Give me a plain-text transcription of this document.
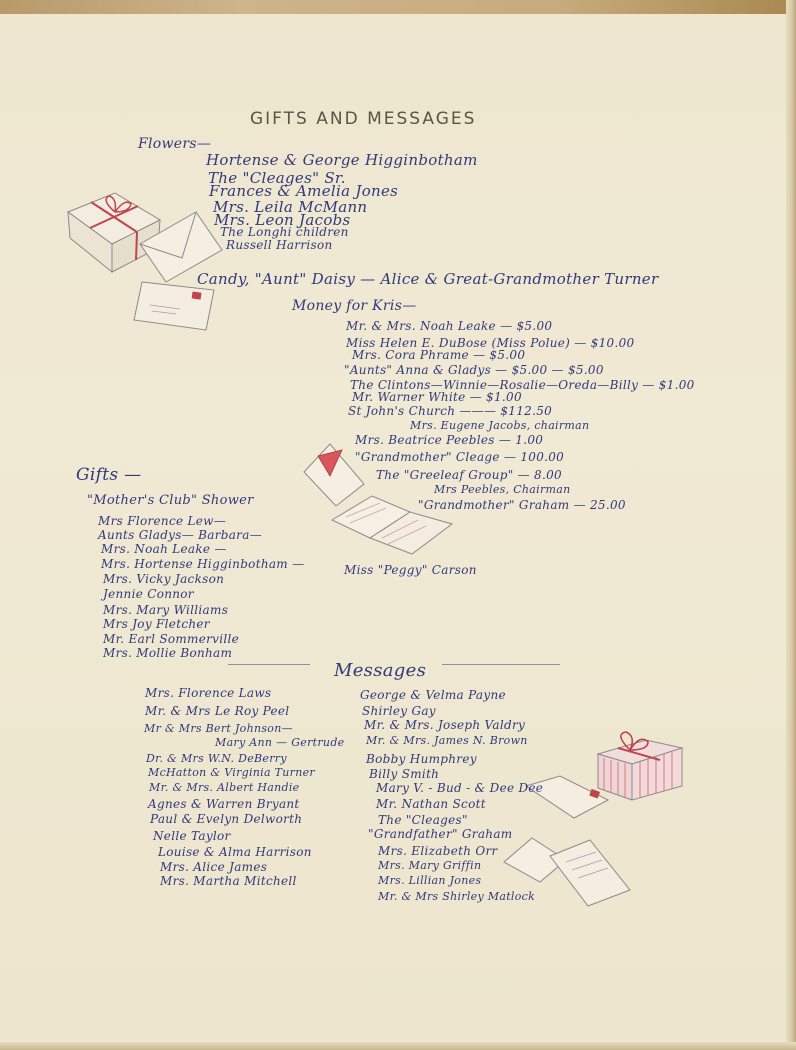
GIFTS AND MESSAGES
Flowers—
Hortense & George Higginbotham
The "Cleages" Sr.
Frances & Amelia Jones
Mrs. Leila McMann
Mrs. Leon Jacobs
The Longhi children
Russell Harrison
Candy, "Aunt" Daisy — Alice & Great-Grandmother Turner
Money for Kris—
Mr. & Mrs. Noah Leake — $5.00
Miss Helen E. DuBose (Miss Polue) — $10.00
Mrs. Cora Phrame — $5.00
"Aunts" Anna & Gladys — $5.00 — $5.00
The Clintons—Winnie—Rosalie—Oreda—Billy — $1.00
Mr. Warner White — $1.00
St John's Church ——— $112.50
Mrs. Eugene Jacobs, chairman
Mrs. Beatrice Peebles — 1.00
"Grandmother" Cleage — 100.00
The "Greeleaf Group" — 8.00
Mrs Peebles, Chairman
"Grandmother" Graham — 25.00
Gifts —
"Mother's Club" Shower
Mrs Florence Lew—
Aunts Gladys— Barbara—
Mrs. Noah Leake —
Mrs. Hortense Higginbotham —
Mrs. Vicky Jackson
Jennie Connor
Mrs. Mary Williams
Mrs Joy Fletcher
Mr. Earl Sommerville
Mrs. Mollie Bonham
Miss "Peggy" Carson
Messages
Mrs. Florence Laws
Mr. & Mrs Le Roy Peel
Mr & Mrs Bert Johnson—
Mary Ann — Gertrude
Dr. & Mrs W.N. DeBerry
McHatton & Virginia Turner
Mr. & Mrs. Albert Handie
Agnes & Warren Bryant
Paul & Evelyn Delworth
Nelle Taylor
Louise & Alma Harrison
Mrs. Alice James
Mrs. Martha Mitchell
George & Velma Payne
Shirley Gay
Mr. & Mrs. Joseph Valdry
Mr. & Mrs. James N. Brown
Bobby Humphrey
Billy Smith
Mary V. - Bud - & Dee Dee
Mr. Nathan Scott
The "Cleages"
"Grandfather" Graham
Mrs. Elizabeth Orr
Mrs. Mary Griffin
Mrs. Lillian Jones
Mr. & Mrs Shirley Matlock
